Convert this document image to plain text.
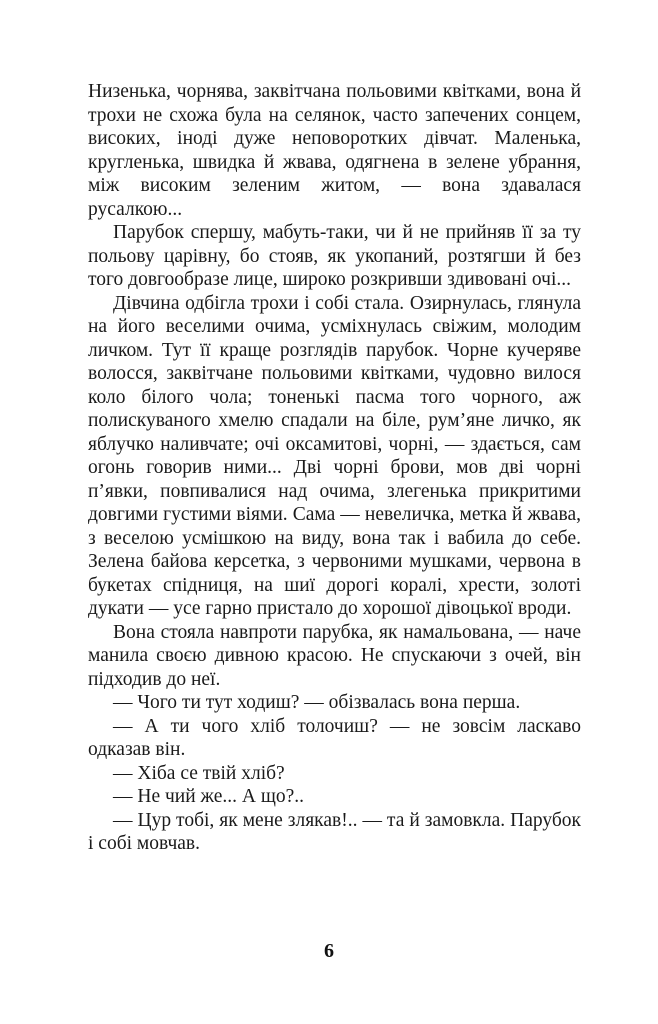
Низенька, чорнява, заквітчана польовими квітками, вона й трохи не схожа була на селянок, часто запечених сонцем, високих, іноді дуже неповоротких дівчат. Маленька, кругленька, швидка й жвава, одягнена в зелене убрання, між високим зеленим житом, — вона здавалася русалкою...

Парубок спершу, мабуть-таки, чи й не прийняв її за ту польову царівну, бо стояв, як укопаний, розтягши й без того довгообразе лице, широко розкривши здивовані очі...

Дівчина одбігла трохи і собі стала. Озирнулась, глянула на його веселими очима, усміхнулась свіжим, молодим личком. Тут її краще розглядів парубок. Чорне кучеряве волосся, заквітчане польовими квітками, чудовно вилося коло білого чола; тоненькі пасма того чорного, аж полискуваного хмелю спадали на біле, рум’яне личко, як яблучко наливчате; очі оксамитові, чорні, — здається, сам огонь говорив ними... Дві чорні брови, мов дві чорні п’явки, повпивалися над очима, злегенька прикритими довгими густими віями. Сама — невеличка, метка й жвава, з веселою усмішкою на виду, вона так і вабила до себе. Зелена байова керсетка, з червоними мушками, червона в букетах спідниця, на шиї дорогі коралі, хрести, золоті дукати — усе гарно пристало до хорошої дівоцької вроди.

Вона стояла навпроти парубка, як намальована, — наче манила своєю дивною красою. Не спускаючи з очей, він підходив до неї.

— Чого ти тут ходиш? — обізвалась вона перша.

— А ти чого хліб толочиш? — не зовсім ласкаво одказав він.

— Хіба се твій хліб?

— Не чий же... А що?..

— Цур тобі, як мене злякав!.. — та й замовкла. Парубок і собі мовчав.

6
